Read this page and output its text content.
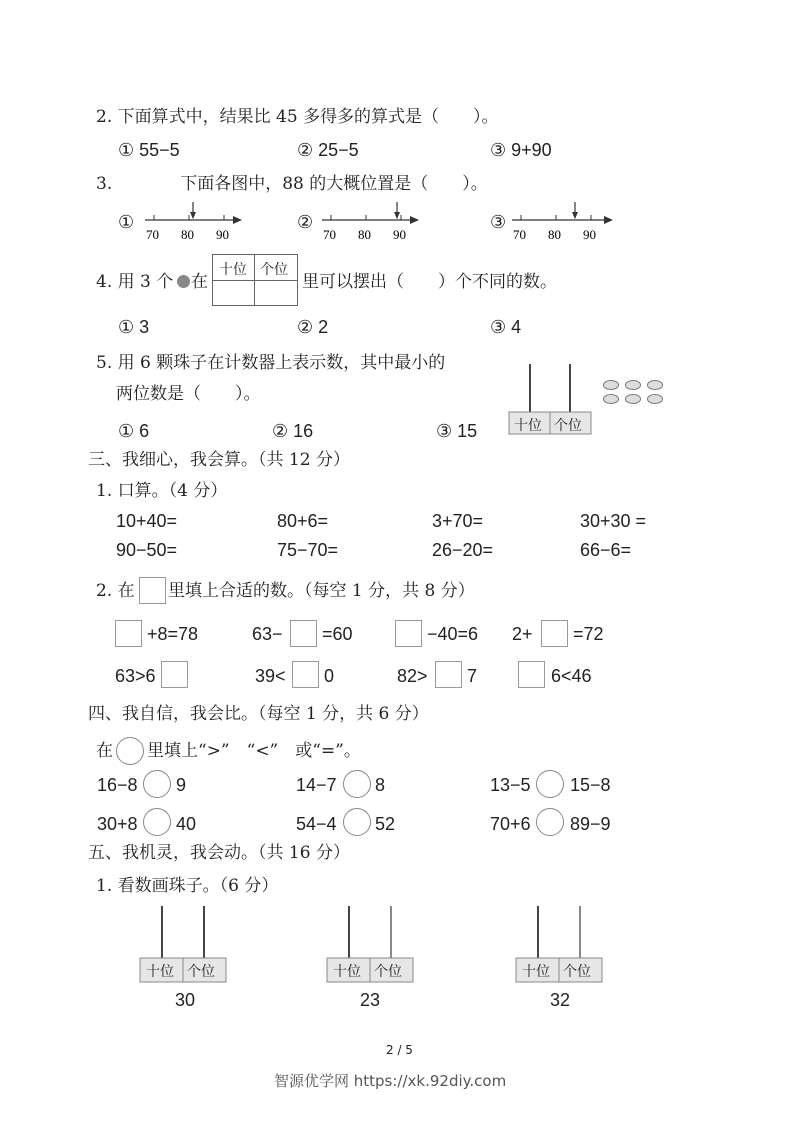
2. 下面算式中，结果比 45 多得多的算式是（　　）。
① 55−5	② 25−5	③ 9+90
3.　　　　下面各图中，88 的大概位置是（　　）。
①
70 80 90
②
70 80 90
③
70 80 90
4. 用 3 个 在
十位 个位
里可以摆出（　　）个不同的数。
① 3	② 2	③ 4
5. 用 6 颗珠子在计数器上表示数，其中最小的
两位数是（　　）。
① 6	② 16	③ 15	十位 个位
三、我细心，我会算。（共 12 分）
1. 口算。（4 分）
10+40=	80+6=	3+70=	30+30 =
90−50=	75−70=	26−20=	66−6=
2. 在 里填上合适的数。（每空 1 分，共 8 分）
+8=78	63− =60	−40=6 2+ =72
63>6	39< 0	82> 7	6<46
四、我自信，我会比。（每空 1 分，共 6 分）
在 里填上“>”　“<”　或“=”。
16−8 9	14−7 8	13−5 15−8
30+8 40	54−4 52	70+6 89−9
五、我机灵，我会动。（共 16 分）
1. 看数画珠子。（6 分）
十位 个位
30
十位 个位
23
十位 个位
32
2 / 5
智源优学网 https://xk.92diy.com
